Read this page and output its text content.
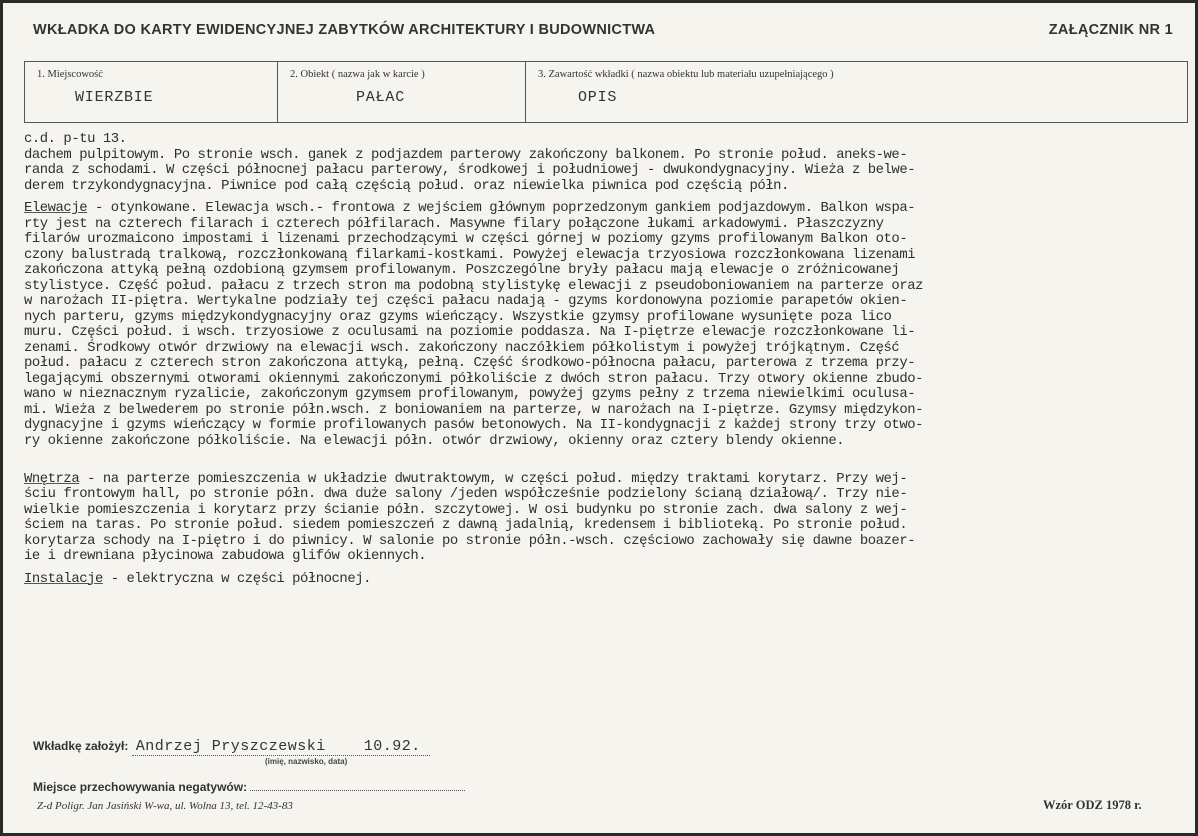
WKŁADKA DO KARTY EWIDENCYJNEJ ZABYTKÓW ARCHITEKTURY I BUDOWNICTWA	ZAŁĄCZNIK NR 1
1. Miejscowość
WIERZBIE
2. Obiekt ( nazwa jak w karcie )
PAŁAC
3. Zawartość wkładki ( nazwa obiektu lub materiału uzupełniającego )
OPIS
c.d. p-tu 13.
dachem pulpitowym. Po stronie wsch. ganek z podjazdem parterowy zakończony balkonem. Po stronie połud. aneks-we-
randa z schodami. W części północnej pałacu parterowy, środkowej i południowej - dwukondygnacyjny. Wieża z belwe-
derem trzykondygnacyjna. Piwnice pod całą częścią połud. oraz niewielka piwnica pod częścią półn.
Elewacje - otynkowane. Elewacja wsch.- frontowa z wejściem głównym poprzedzonym gankiem podjazdowym. Balkon wspa-
rty jest na czterech filarach i czterech półfilarach. Masywne filary połączone łukami arkadowymi. Płaszczyzny
filarów urozmaicono impostami i lizenami przechodzącymi w części górnej w poziomy gzyms profilowanym Balkon oto-
czony balustradą tralkową, rozczłonkowaną filarkami-kostkami. Powyżej elewacja trzyosiowa rozczłonkowana lizenami
zakończona attyką pełną ozdobioną gzymsem profilowanym. Poszczególne bryły pałacu mają elewacje o zróżnicowanej
stylistyce. Część połud. pałacu z trzech stron ma podobną stylistykę elewacji z pseudoboniowaniem na parterze oraz
w narożach II-piętra. Wertykalne podziały tej części pałacu nadają - gzyms kordonowyna poziomie parapetów okien-
nych parteru, gzyms międzykondygnacyjny oraz gzyms wieńczący. Wszystkie gzymsy profilowane wysunięte poza lico
muru. Części połud. i wsch. trzyosiowe z oculusami na poziomie poddasza. Na I-piętrze elewacje rozczłonkowane li-
zenami. Środkowy otwór drzwiowy na elewacji wsch. zakończony naczółkiem półkolistym i powyżej trójkątnym. Część
połud. pałacu z czterech stron zakończona attyką, pełną. Część środkowo-północna pałacu, parterowa z trzema przy-
legającymi obszernymi otworami okiennymi zakończonymi półkoliście z dwóch stron pałacu. Trzy otwory okienne zbudo-
wano w nieznacznym ryzalicie, zakończonym gzymsem profilowanym, powyżej gzyms pełny z trzema niewielkimi oculusa-
mi. Wieża z belwederem po stronie półn.wsch. z boniowaniem na parterze, w narożach na I-piętrze. Gzymsy międzykon-
dygnacyjne i gzyms wieńczący w formie profilowanych pasów betonowych. Na II-kondygnacji z każdej strony trzy otwo-
ry okienne zakończone półkoliście. Na elewacji półn. otwór drzwiowy, okienny oraz cztery blendy okienne.
Wnętrza - na parterze pomieszczenia w układzie dwutraktowym, w części połud. między traktami korytarz. Przy wej-
ściu frontowym hall, po stronie półn. dwa duże salony /jeden współcześnie podzielony ścianą działową/. Trzy nie-
wielkie pomieszczenia i korytarz przy ścianie półn. szczytowej. W osi budynku po stronie zach. dwa salony z wej-
ściem na taras. Po stronie połud. siedem pomieszczeń z dawną jadalnią, kredensem i biblioteką. Po stronie połud.
korytarza schody na I-piętro i do piwnicy. W salonie po stronie półn.-wsch. częściowo zachowały się dawne boazer-
ie i drewniana płycinowa zabudowa glifów okiennych.
Instalacje - elektryczna w części północnej.
Wkładkę założył: Andrzej Pryszczewski	10.92.
(imię, nazwisko, data)
Miejsce przechowywania negatywów:
Z-d Poligr. Jan Jasiński W-wa, ul. Wolna 13, tel. 12-43-83	Wzór ODZ 1978 r.
